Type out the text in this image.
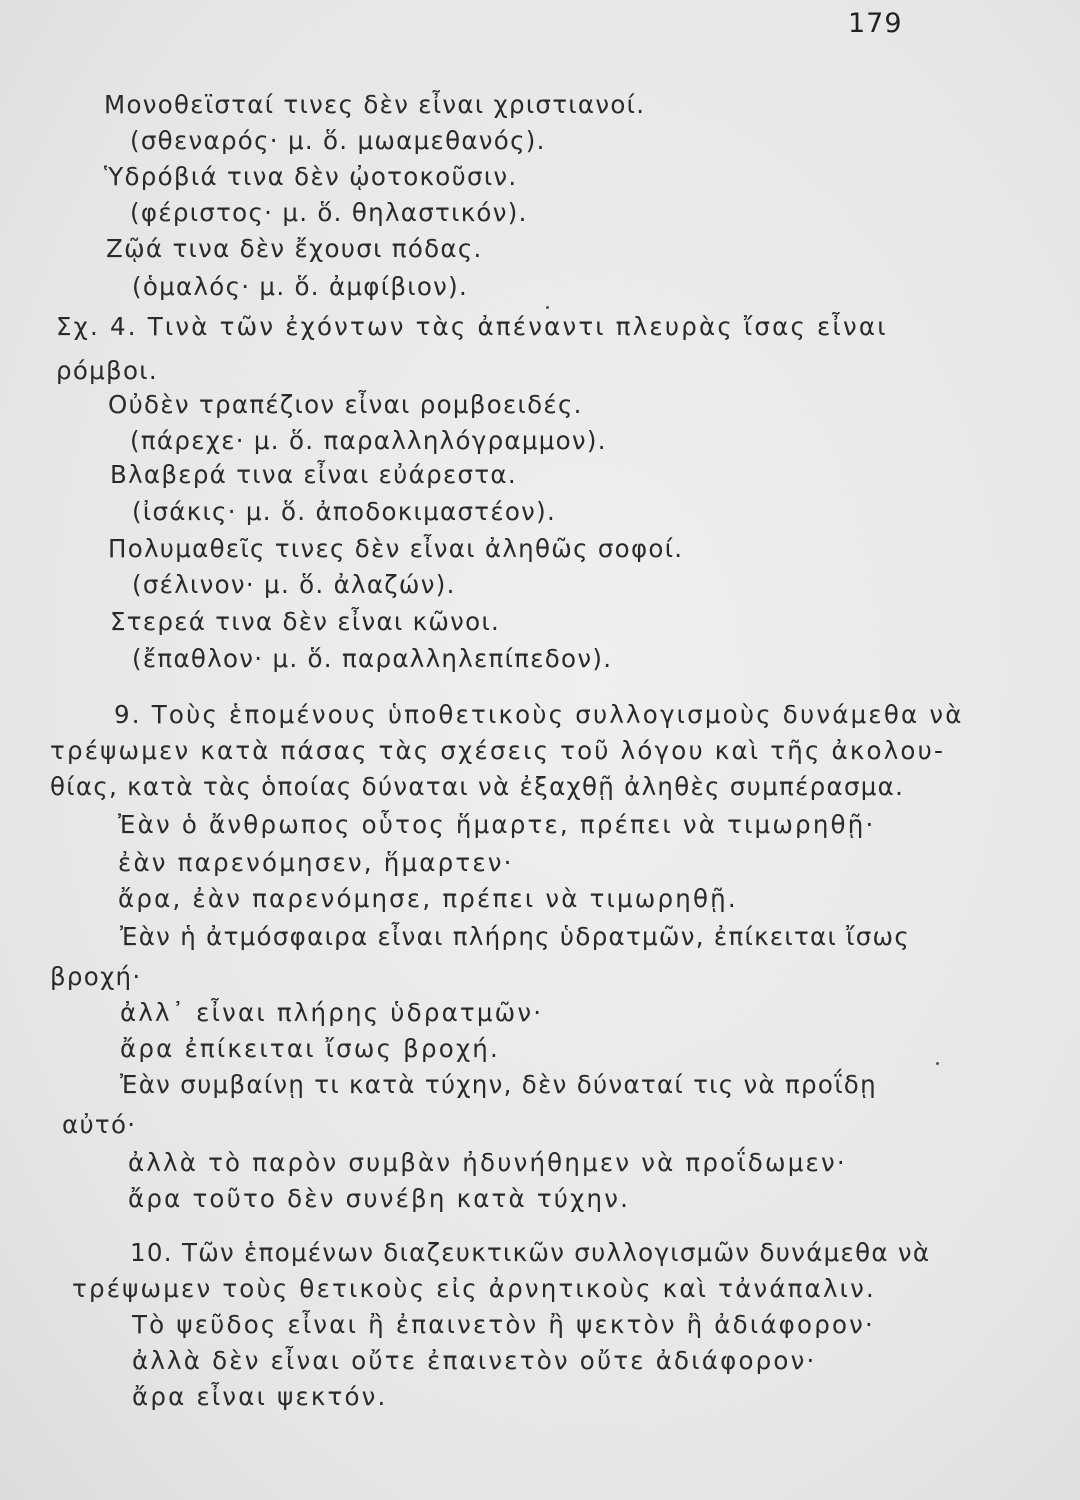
179
Μονοθεϊσταί τινες δὲν εἶναι χριστιανοί.
(σθεναρός· μ. ὅ. μωαμεθανός).
Ὑδρόβιά τινα δὲν ᾠοτοκοῦσιν.
(φέριστος· μ. ὅ. θηλαστικόν).
Ζῷά τινα δὲν ἔχουσι πόδας.
(ὁμαλός· μ. ὅ. ἀμφίβιον).
Σχ. 4. Τινὰ τῶν ἐχόντων τὰς ἀπέναντι πλευρὰς ἴσας εἶναι
ρόμβοι.
Οὐδὲν τραπέζιον εἶναι ρομβοειδές.
(πάρεχε· μ. ὅ. παραλληλόγραμμον).
Βλαβερά τινα εἶναι εὐάρεστα.
(ἰσάκις· μ. ὅ. ἀποδοκιμαστέον).
Πολυμαθεῖς τινες δὲν εἶναι ἀληθῶς σοφοί.
(σέλινον· μ. ὅ. ἀλαζών).
Στερεά τινα δὲν εἶναι κῶνοι.
(ἔπαθλον· μ. ὅ. παραλληλεπίπεδον).
9. Τοὺς ἑπομένους ὑποθετικοὺς συλλογισμοὺς δυνάμεθα νὰ
τρέψωμεν κατὰ πάσας τὰς σχέσεις τοῦ λόγου καὶ τῆς ἀκολου-
θίας, κατὰ τὰς ὁποίας δύναται νὰ ἐξαχθῇ ἀληθὲς συμπέρασμα.
Ἐὰν ὁ ἄνθρωπος οὗτος ἥμαρτε, πρέπει νὰ τιμωρηθῇ·
ἐὰν παρενόμησεν, ἥμαρτεν·
ἄρα, ἐὰν παρενόμησε, πρέπει νὰ τιμωρηθῇ.
Ἐὰν ἡ ἀτμόσφαιρα εἶναι πλήρης ὑδρατμῶν, ἐπίκειται ἴσως
βροχή·
ἀλλ᾽ εἶναι πλήρης ὑδρατμῶν·
ἄρα ἐπίκειται ἴσως βροχή.
Ἐὰν συμβαίνῃ τι κατὰ τύχην, δὲν δύναταί τις νὰ προΐδῃ
αὐτό·
ἀλλὰ τὸ παρὸν συμβὰν ἠδυνήθημεν νὰ προΐδωμεν·
ἄρα τοῦτο δὲν συνέβη κατὰ τύχην.
10. Τῶν ἑπομένων διαζευκτικῶν συλλογισμῶν δυνάμεθα νὰ
τρέψωμεν τοὺς θετικοὺς εἰς ἀρνητικοὺς καὶ τἀνάπαλιν.
Τὸ ψεῦδος εἶναι ἢ ἐπαινετὸν ἢ ψεκτὸν ἢ ἀδιάφορον·
ἀλλὰ δὲν εἶναι οὔτε ἐπαινετὸν οὔτε ἀδιάφορον·
ἄρα εἶναι ψεκτόν.
